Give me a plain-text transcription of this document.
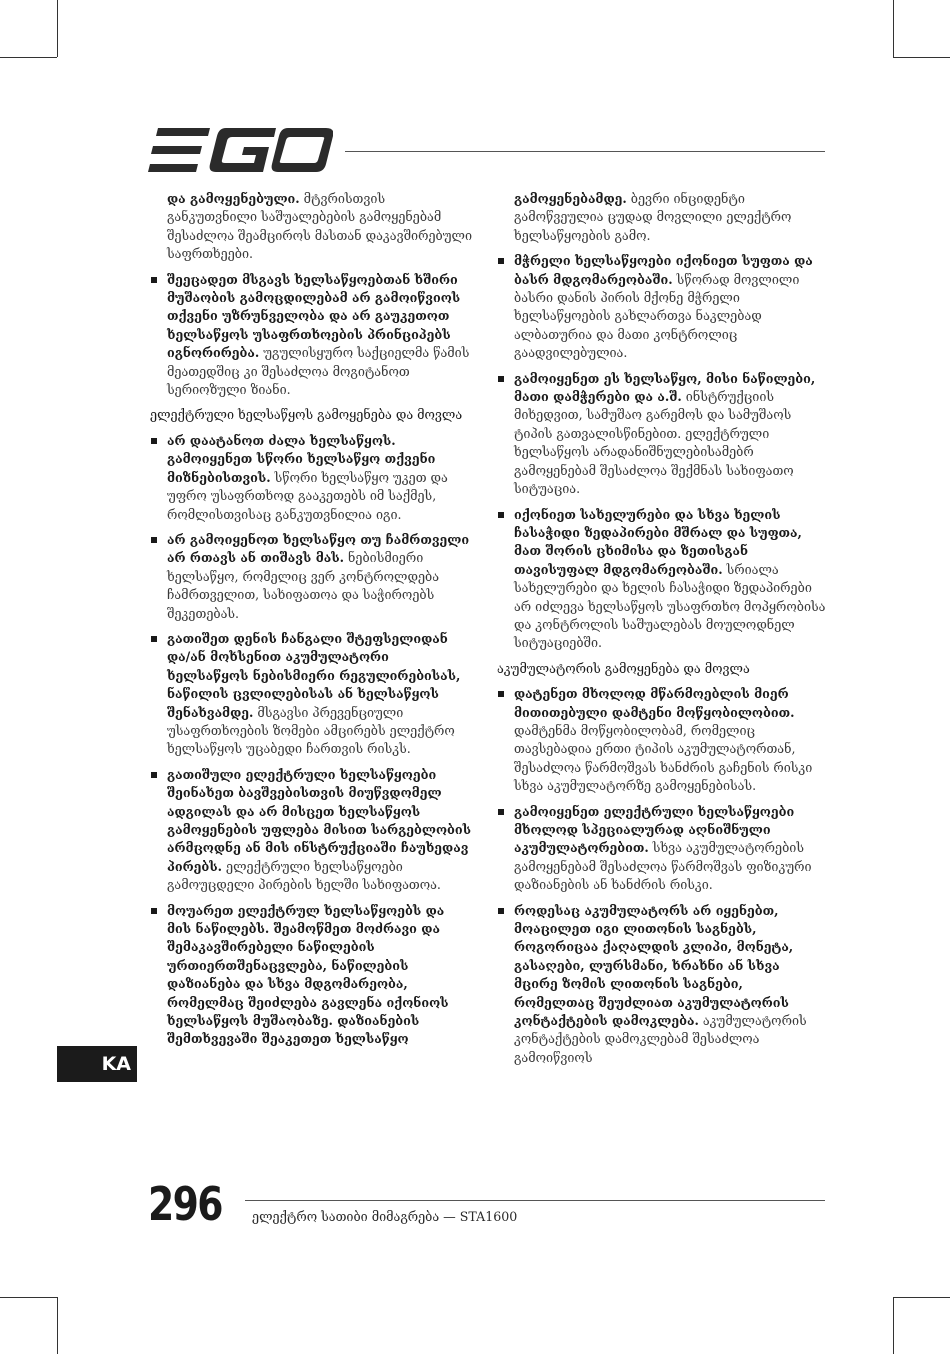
და გამოყენებული. მტვრისთვის განკუთვნილი საშუალებების გამოყენებამ შესაძლოა შეამციროს მასთან დაკავშირებული საფრთხეები.

შეეცადეთ მსგავს ხელსაწყოებთან ხშირი მუშაობის გამოცდილებამ არ გამოიწვიოს თქვენი უზრუნველობა და არ გაუკეთოთ ხელსაწყოს უსაფრთხოების პრინციპებს იგნორირება. უგულისყურო საქციელმა წამის მეათედშიც კი შესაძლოა მოგიტანოთ სერიოზული ზიანი.

ელექტრული ხელსაწყოს გამოყენება და მოვლა

არ დაატანოთ ძალა ხელსაწყოს. გამოიყენეთ სწორი ხელსაწყო თქვენი მიზნებისთვის. სწორი ხელსაწყო უკეთ და უფრო უსაფრთხოდ გააკეთებს იმ საქმეს, რომლისთვისაც განკუთვნილია იგი.
არ გამოიყენოთ ხელსაწყო თუ ჩამრთველი არ რთავს ან თიშავს მას. ნებისმიერი ხელსაწყო, რომელიც ვერ კონტროლდება ჩამრთველით, სახიფათოა და საჭიროებს შეკეთებას.
გათიშეთ დენის ჩანგალი შტეფსელიდან და/ან მოხსენით აკუმულატორი ხელსაწყოს ნებისმიერი რეგულირებისას, ნაწილის ცვლილებისას ან ხელსაწყოს შენახვამდე. მსგავსი პრევენციული უსაფრთხოების ზომები ამცირებს ელექტრო ხელსაწყოს უცაბედი ჩართვის რისკს.
გათიშული ელექტრული ხელსაწყოები შეინახეთ ბავშვებისთვის მიუწვდომელ ადგილას და არ მისცეთ ხელსაწყოს გამოყენების უფლება მისით სარგებლობის არმცოდნე ან მის ინსტრუქციაში ჩაუხედავ პირებს. ელექტრული ხელსაწყოები გამოუცდელი პირების ხელში სახიფათოა.
მოუარეთ ელექტრულ ხელსაწყოებს და მის ნაწილებს. შეამოწმეთ მოძრავი და შემაკავშირებელი ნაწილების ურთიერთშენაცვლება, ნაწილების დაზიანება და სხვა მდგომარეობა, რომელმაც შეიძლება გავლენა იქონიოს ხელსაწყოს მუშაობაზე. დაზიანების შემთხვევაში შეაკეთეთ ხელსაწყო

გამოყენებამდე. ბევრი ინციდენტი გამოწვეულია ცუდად მოვლილი ელექტრო ხელსაწყოების გამო.

მჭრელი ხელსაწყოები იქონიეთ სუფთა და ბასრ მდგომარეობაში. სწორად მოვლილი ბასრი დანის პირის მქონე მჭრელი ხელსაწყოების გახლართვა ნაკლებად ალბათურია და მათი კონტროლიც გაადვილებულია.
გამოიყენეთ ეს ხელსაწყო, მისი ნაწილები, მათი დამჭერები და ა.შ. ინსტრუქციის მიხედვით, სამუშაო გარემოს და სამუშაოს ტიპის გათვალისწინებით. ელექტრული ხელსაწყოს არადანიშნულებისამებრ გამოყენებამ შესაძლოა შექმნას სახიფათო სიტუაცია.
იქონიეთ სახელურები და სხვა ხელის ჩასაჭიდი ზედაპირები მშრალ და სუფთა, მათ შორის ცხიმისა და ზეთისგან თავისუფალ მდგომარეობაში. სრიალა სახელურები და ხელის ჩასაჭიდი ზედაპირები არ იძლევა ხელსაწყოს უსაფრთხო მოპყრობისა და კონტროლის საშუალებას მოულოდნელ სიტუაციებში.

აკუმულატორის გამოყენება და მოვლა

დატენეთ მხოლოდ მწარმოებლის მიერ მითითებული დამტენი მოწყობილობით. დამტენმა მოწყობილობამ, რომელიც თავსებადია ერთი ტიპის აკუმულატორთან, შესაძლოა წარმოშვას ხანძრის გაჩენის რისკი სხვა აკუმულატორზე გამოყენებისას.
გამოიყენეთ ელექტრული ხელსაწყოები მხოლოდ სპეციალურად აღნიშნული აკუმულატორებით. სხვა აკუმულატორების გამოყენებამ შესაძლოა წარმოშვას ფიზიკური დაზიანების ან ხანძრის რისკი.
როდესაც აკუმულატორს არ იყენებთ, მოაცილეთ იგი ლითონის საგნებს, როგორიცაა ქაღალდის კლიპი, მონეტა, გასაღები, ლურსმანი, ხრახნი ან სხვა მცირე ზომის ლითონის საგნები, რომელთაც შეუძლიათ აკუმულატორის კონტაქტების დამოკლება. აკუმულატორის კონტაქტების დამოკლებამ შესაძლოა გამოიწვიოს
KA
296 ელექტრო სათიბი მიმაგრება — STA1600
